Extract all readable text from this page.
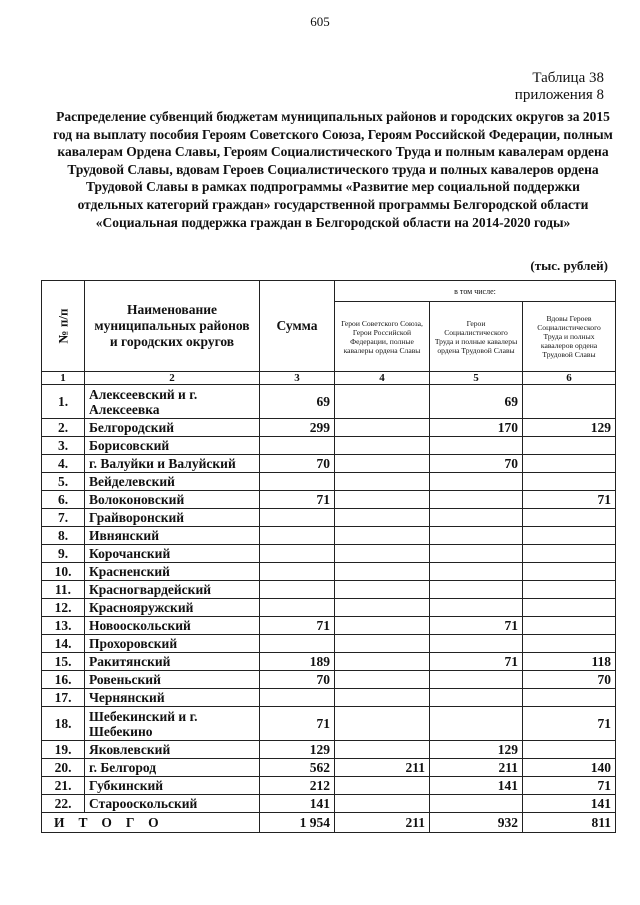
605
Таблица 38
приложения 8
Распределение субвенций бюджетам муниципальных районов и городских округов за 2015 год на выплату пособия Героям Советского Союза, Героям Российской Федерации, полным кавалерам Ордена Славы, Героям Социалистического Труда и полным кавалерам ордена Трудовой Славы, вдовам Героев Социалистического труда и полных кавалеров ордена Трудовой Славы в рамках подпрограммы «Развитие мер социальной поддержки отдельных категорий граждан» государственной программы Белгородской области «Социальная поддержка граждан в Белгородской области на 2014-2020 годы»
(тыс. рублей)
№ п/п	Наименование муниципальных районов и городских округов	Сумма	в том числе:		
			Герои Советского Союза, Герои Российской Федерации, полные кавалеры ордена Славы	Герои Социалистического Труда и полные кавалеры ордена Трудовой Славы	Вдовы Героев Социалистического Труда и полных кавалеров ордена Трудовой Славы
1	2	3	4	5	6
1.	Алексеевский и г. Алексеевка	69		69	
2.	Белгородский	299		170	129
3.	Борисовский				
4.	г. Валуйки и Валуйский	70		70	
5.	Вейделевский				
6.	Волоконовский	71			71
7.	Грайворонский				
8.	Ивнянский				
9.	Корочанский				
10.	Красненский				
11.	Красногвардейский				
12.	Краснояружский				
13.	Новооскольский	71		71	
14.	Прохоровский				
15.	Ракитянский	189		71	118
16.	Ровеньский	70			70
17.	Чернянский				
18.	Шебекинский и г. Шебекино	71			71
19.	Яковлевский	129		129	
20.	г. Белгород	562	211	211	140
21.	Губкинский	212		141	71
22.	Старооскольский	141			141
ИТОГО		1 954	211	932	811
